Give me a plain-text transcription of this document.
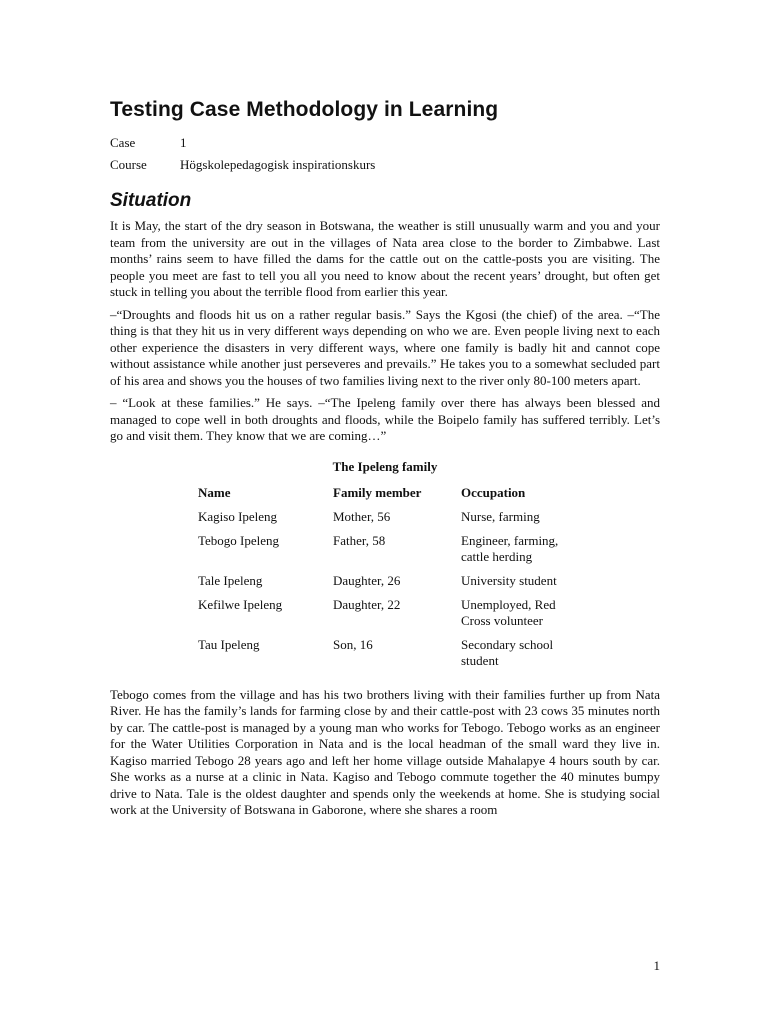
Testing Case Methodology in Learning
Case	1
Course	Högskolepedagogisk inspirationskurs
Situation

It is May, the start of the dry season in Botswana, the weather is still unusually warm and you and your team from the university are out in the villages of Nata area close to the border to Zimbabwe. Last months’ rains seem to have filled the dams for the cattle out on the cattle-posts you are visiting. The people you meet are fast to tell you all you need to know about the recent years’ drought, but often get stuck in telling you about the terrible flood from earlier this year.

–“Droughts and floods hit us on a rather regular basis.” Says the Kgosi (the chief) of the area. –“The thing is that they hit us in very different ways depending on who we are. Even people living next to each other experience the disasters in very different ways, where one family is badly hit and cannot cope without assistance while another just perseveres and prevails.” He takes you to a somewhat secluded part of his area and shows you the houses of two families living next to the river only 80-100 meters apart.

– “Look at these families.” He says. –“The Ipeleng family over there has always been blessed and managed to cope well in both droughts and floods, while the Boipelo family has suffered terribly. Let’s go and visit them. They know that we are coming…”

The Ipeleng family
Name	Family member	Occupation
Kagiso Ipeleng	Mother, 56	Nurse, farming
Tebogo Ipeleng	Father, 58	Engineer, farming, cattle herding
Tale Ipeleng	Daughter, 26	University student
Kefilwe Ipeleng	Daughter, 22	Unemployed, Red Cross volunteer
Tau Ipeleng	Son, 16	Secondary school student

Tebogo comes from the village and has his two brothers living with their families further up from Nata River. He has the family’s lands for farming close by and their cattle-post with 23 cows 35 minutes north by car. The cattle-post is managed by a young man who works for Tebogo. Tebogo works as an engineer for the Water Utilities Corporation in Nata and is the local headman of the small ward they live in. Kagiso married Tebogo 28 years ago and left her home village outside Mahalapye 4 hours south by car. She works as a nurse at a clinic in Nata. Kagiso and Tebogo commute together the 40 minutes bumpy drive to Nata. Tale is the oldest daughter and spends only the weekends at home. She is studying social work at the University of Botswana in Gaborone, where she shares a room

1
